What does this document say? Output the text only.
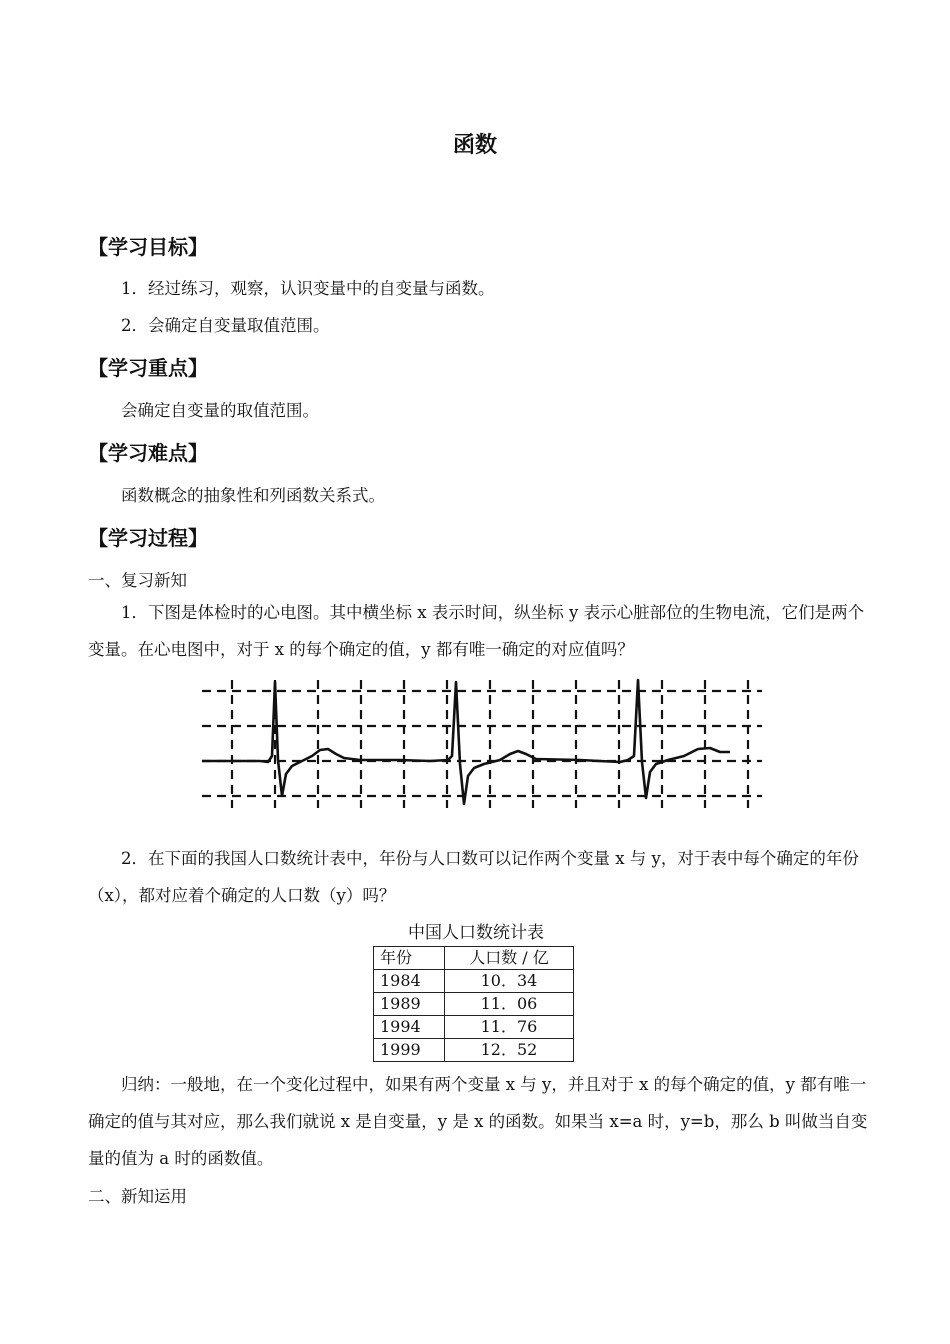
函数
【学习目标】
1．经过练习，观察，认识变量中的自变量与函数。
2．会确定自变量取值范围。
【学习重点】
会确定自变量的取值范围。
【学习难点】
函数概念的抽象性和列函数关系式。
【学习过程】
一、复习新知
1．下图是体检时的心电图。其中横坐标 x 表示时间，纵坐标 y 表示心脏部位的生物电流，它们是两个变量。在心电图中，对于 x 的每个确定的值，y 都有唯一确定的对应值吗？
2．在下面的我国人口数统计表中，年份与人口数可以记作两个变量 x 与 y，对于表中每个确定的年份（x），都对应着个确定的人口数（y）吗？
中国人口数统计表
年份	人口数 / 亿
1984	10．34
1989	11．06
1994	11．76
1999	12．52
归纳：一般地，在一个变化过程中，如果有两个变量 x 与 y，并且对于 x 的每个确定的值，y 都有唯一确定的值与其对应，那么我们就说 x 是自变量，y 是 x 的函数。如果当 x=a 时，y=b，那么 b 叫做当自变量的值为 a 时的函数值。
二、新知运用
